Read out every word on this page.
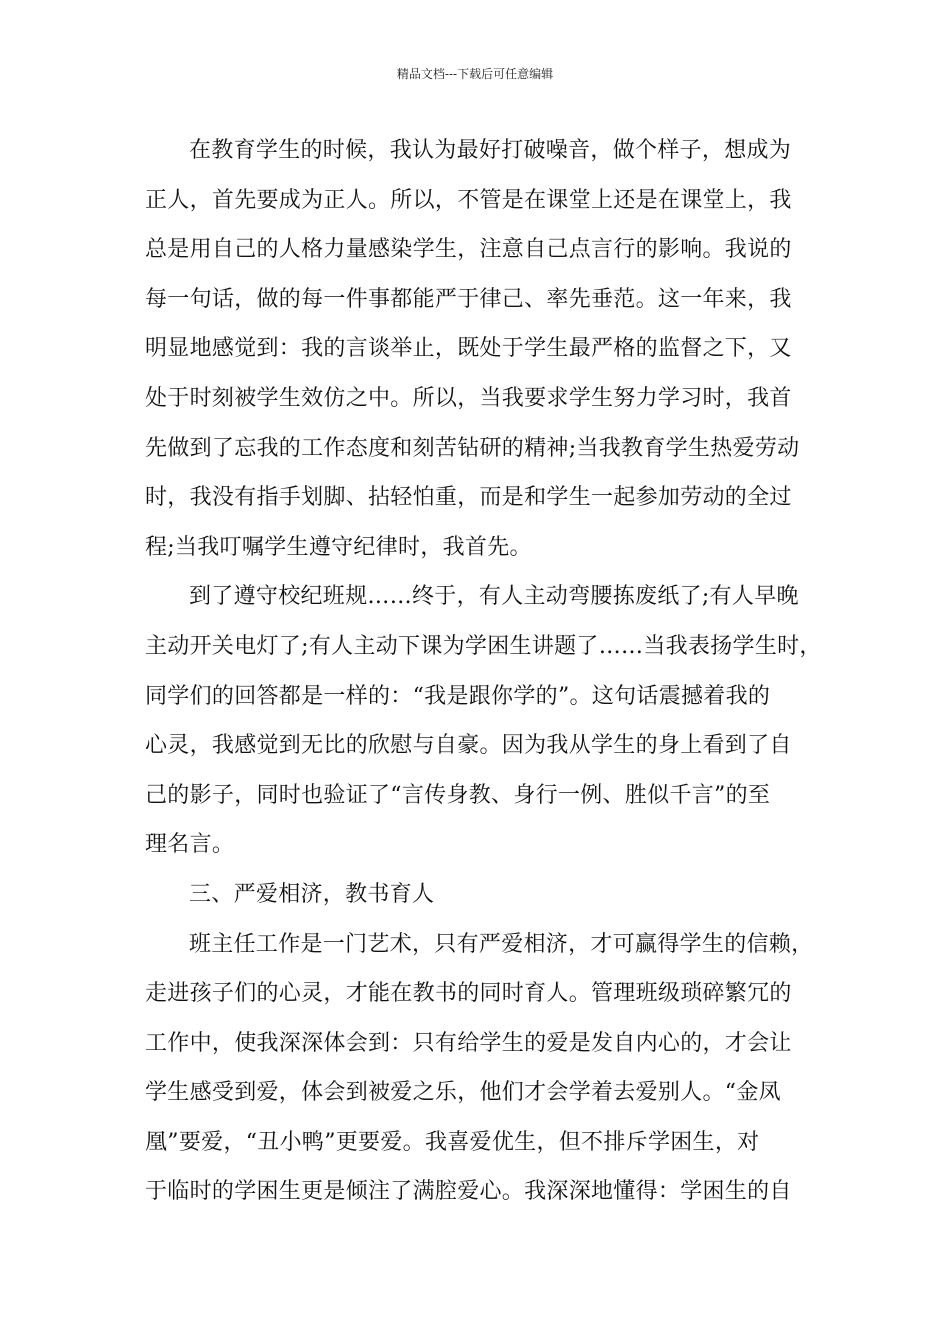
精品文档---下载后可任意编辑
在教育学生的时候，我认为最好打破噪音，做个样子，想成为
正人，首先要成为正人。所以，不管是在课堂上还是在课堂上，我
总是用自己的人格力量感染学生，注意自己点言行的影响。我说的
每一句话，做的每一件事都能严于律己、率先垂范。这一年来，我
明显地感觉到：我的言谈举止，既处于学生最严格的监督之下，又
处于时刻被学生效仿之中。所以，当我要求学生努力学习时，我首
先做到了忘我的工作态度和刻苦钻研的精神;当我教育学生热爱劳动
时，我没有指手划脚、拈轻怕重，而是和学生一起参加劳动的全过
程;当我叮嘱学生遵守纪律时，我首先。
到了遵守校纪班规……终于，有人主动弯腰拣废纸了;有人早晚
主动开关电灯了;有人主动下课为学困生讲题了……当我表扬学生时，
同学们的回答都是一样的：“我是跟你学的”。这句话震撼着我的
心灵，我感觉到无比的欣慰与自豪。因为我从学生的身上看到了自
己的影子，同时也验证了“言传身教、身行一例、胜似千言”的至
理名言。
三、严爱相济，教书育人
班主任工作是一门艺术，只有严爱相济，才可赢得学生的信赖，
走进孩子们的心灵，才能在教书的同时育人。管理班级琐碎繁冗的
工作中，使我深深体会到：只有给学生的爱是发自内心的，才会让
学生感受到爱，体会到被爱之乐，他们才会学着去爱别人。“金凤
凰”要爱，“丑小鸭”更要爱。我喜爱优生，但不排斥学困生，对
于临时的学困生更是倾注了满腔爱心。我深深地懂得：学困生的自
